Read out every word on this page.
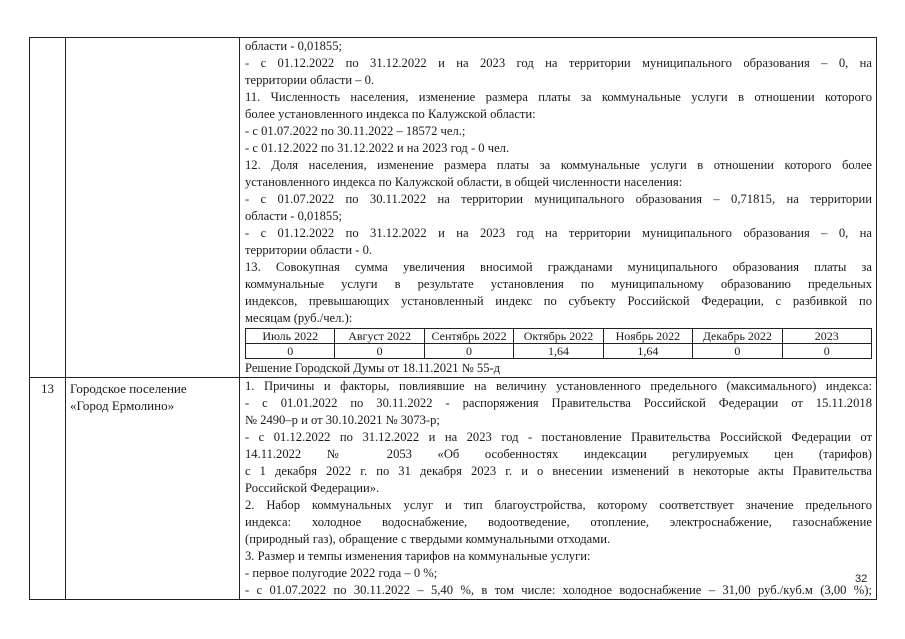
области - 0,01855;

- с 01.12.2022 по 31.12.2022 и на 2023 год на территории муниципального образования – 0, на

территории области – 0.

11. Численность населения, изменение размера платы за коммунальные услуги в отношении которого

более установленного индекса по Калужской области:

- с 01.07.2022 по 30.11.2022 – 18572 чел.;

- с 01.12.2022 по 31.12.2022 и на 2023 год - 0 чел.

12. Доля населения, изменение размера платы за коммунальные услуги в отношении которого более

установленного индекса по Калужской области, в общей численности населения:

- с 01.07.2022 по 30.11.2022 на территории муниципального образования – 0,71815, на территории

области - 0,01855;

- с 01.12.2022 по 31.12.2022 и на 2023 год на территории муниципального образования – 0, на

территории области - 0.

13. Совокупная сумма увеличения вносимой гражданами муниципального образования платы за

коммунальные услуги в результате установления по муниципальному образованию предельных

индексов, превышающих установленный индекс по субъекту Российской Федерации, с разбивкой по

месяцам (руб./чел.):

Июль 2022	Август 2022	Сентябрь 2022	Октябрь 2022	Ноябрь 2022	Декабрь 2022	2023
0	0	0	1,64	1,64	0	0

Решение Городской Думы от 18.11.2021 № 55-д

13	Городское поселение
«Город Ермолино»

1. Причины и факторы, повлиявшие на величину установленного предельного (максимального) индекса:

- с 01.01.2022 по 30.11.2022 - распоряжения Правительства Российской Федерации от 15.11.2018

№ 2490–р и от 30.10.2021 № 3073-р;

- с 01.12.2022 по 31.12.2022 и на 2023 год - постановление Правительства Российской Федерации от

14.11.2022 № 2053 «Об особенностях индексации регулируемых цен (тарифов)

с 1 декабря 2022 г. по 31 декабря 2023 г. и о внесении изменений в некоторые акты Правительства

Российской Федерации».

2. Набор коммунальных услуг и тип благоустройства, которому соответствует значение предельного

индекса: холодное водоснабжение, водоотведение, отопление, электроснабжение, газоснабжение

(природный газ), обращение с твердыми коммунальными отходами.

3. Размер и темпы изменения тарифов на коммунальные услуги:

- первое полугодие 2022 года – 0 %;

- с 01.07.2022 по 30.11.2022 – 5,40 %, в том числе: холодное водоснабжение – 31,00 руб./куб.м (3,00 %);

32
